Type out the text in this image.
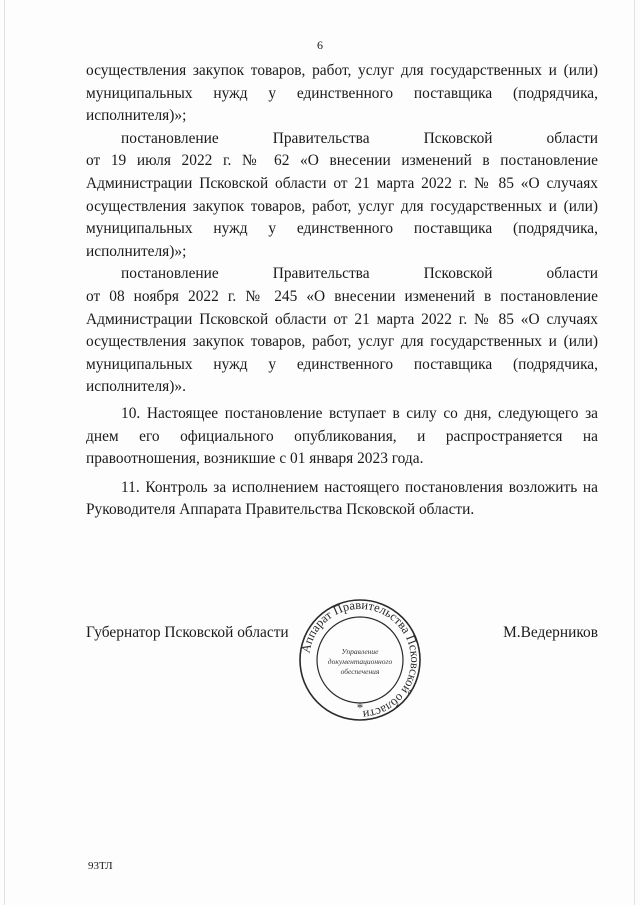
6

осуществления закупок товаров, работ, услуг для государственных и (или) муниципальных нужд у единственного поставщика (подрядчика, исполнителя)»;

постановление Правительства Псковской области
от 19 июля 2022 г. № 62 «О внесении изменений в постановление Администрации Псковской области от 21 марта 2022 г. № 85 «О случаях осуществления закупок товаров, работ, услуг для государственных и (или) муниципальных нужд у единственного поставщика (подрядчика, исполнителя)»;

постановление Правительства Псковской области
от 08 ноября 2022 г. № 245 «О внесении изменений в постановление Администрации Псковской области от 21 марта 2022 г. № 85 «О случаях осуществления закупок товаров, работ, услуг для государственных и (или) муниципальных нужд у единственного поставщика (подрядчика, исполнителя)».

10. Настоящее постановление вступает в силу со дня, следующего за днем его официального опубликования, и распространяется на правоотношения, возникшие с 01 января 2023 года.

11. Контроль за исполнением настоящего постановления возложить на Руководителя Аппарата Правительства Псковской области.

Губернатор Псковской области	М.Ведерников
Аппарат Правительства Псковской области
Управление
документационного
обеспечения
*
93ТЛ
